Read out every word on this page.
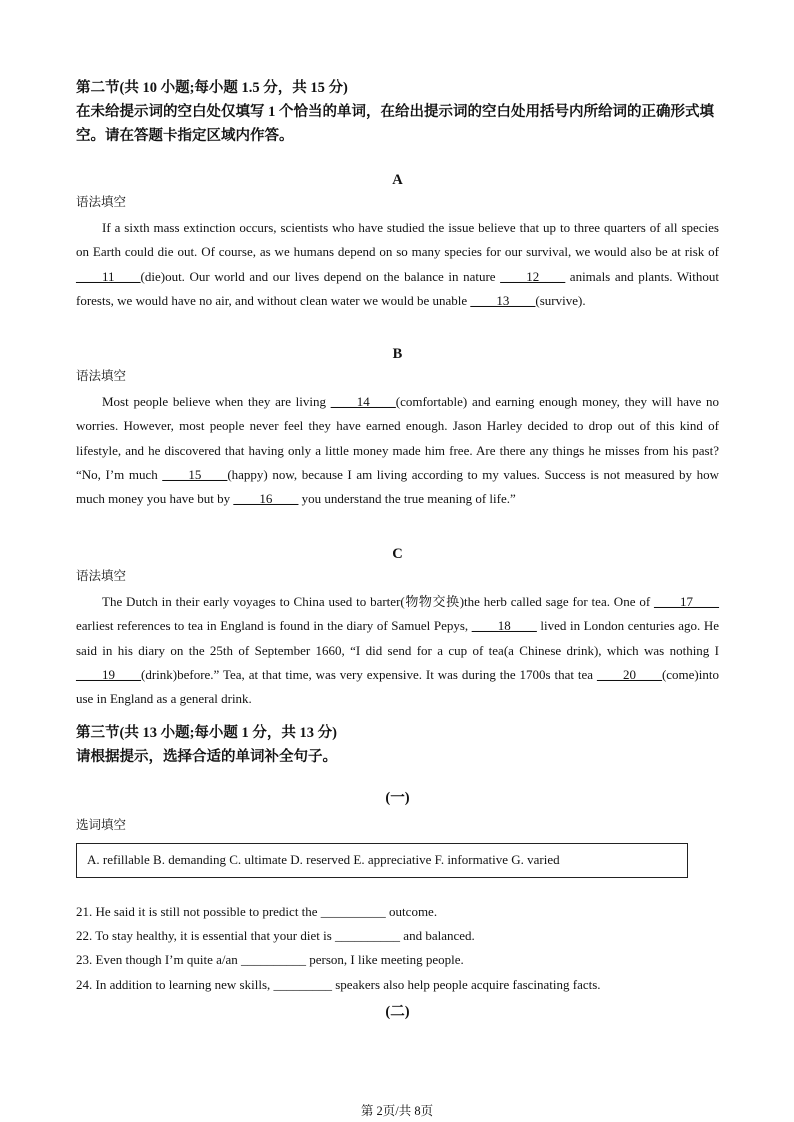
第二节(共 10 小题;每小题 1.5 分，共 15 分)

在未给提示词的空白处仅填写 1 个恰当的单词，在给出提示词的空白处用括号内所给词的正确形式填空。请在答题卡指定区域内作答。

A

语法填空

If a sixth mass extinction occurs, scientists who have studied the issue believe that up to three quarters of all species on Earth could die out. Of course, as we humans depend on so many species for our survival, we would also be at risk of ____11____(die)out. Our world and our lives depend on the balance in nature ____12____ animals and plants. Without forests, we would have no air, and without clean water we would be unable ____13____(survive).

B

语法填空

Most people believe when they are living ____14____(comfortable) and earning enough money, they will have no worries. However, most people never feel they have earned enough. Jason Harley decided to drop out of this kind of lifestyle, and he discovered that having only a little money made him free. Are there any things he misses from his past? “No, I’m much ____15____(happy) now, because I am living according to my values. Success is not measured by how much money you have but by ____16____ you understand the true meaning of life.”

C

语法填空

The Dutch in their early voyages to China used to barter(物物交换)the herb called sage for tea. One of ____17____ earliest references to tea in England is found in the diary of Samuel Pepys, ____18____ lived in London centuries ago. He said in his diary on the 25th of September 1660, “I did send for a cup of tea(a Chinese drink), which was nothing I ____19____(drink)before.” Tea, at that time, was very expensive. It was during the 1700s that tea ____20____(come)into use in England as a general drink.

第三节(共 13 小题;每小题 1 分，共 13 分)

请根据提示，选择合适的单词补全句子。

(一)

选词填空

A. refillable B. demanding C. ultimate D. reserved E. appreciative F. informative G. varied

21. He said it is still not possible to predict the __________ outcome.

22. To stay healthy, it is essential that your diet is __________ and balanced.

23. Even though I’m quite a/an __________ person, I like meeting people.

24. In addition to learning new skills, _________ speakers also help people acquire fascinating facts.

(二)

第 2页/共 8页
